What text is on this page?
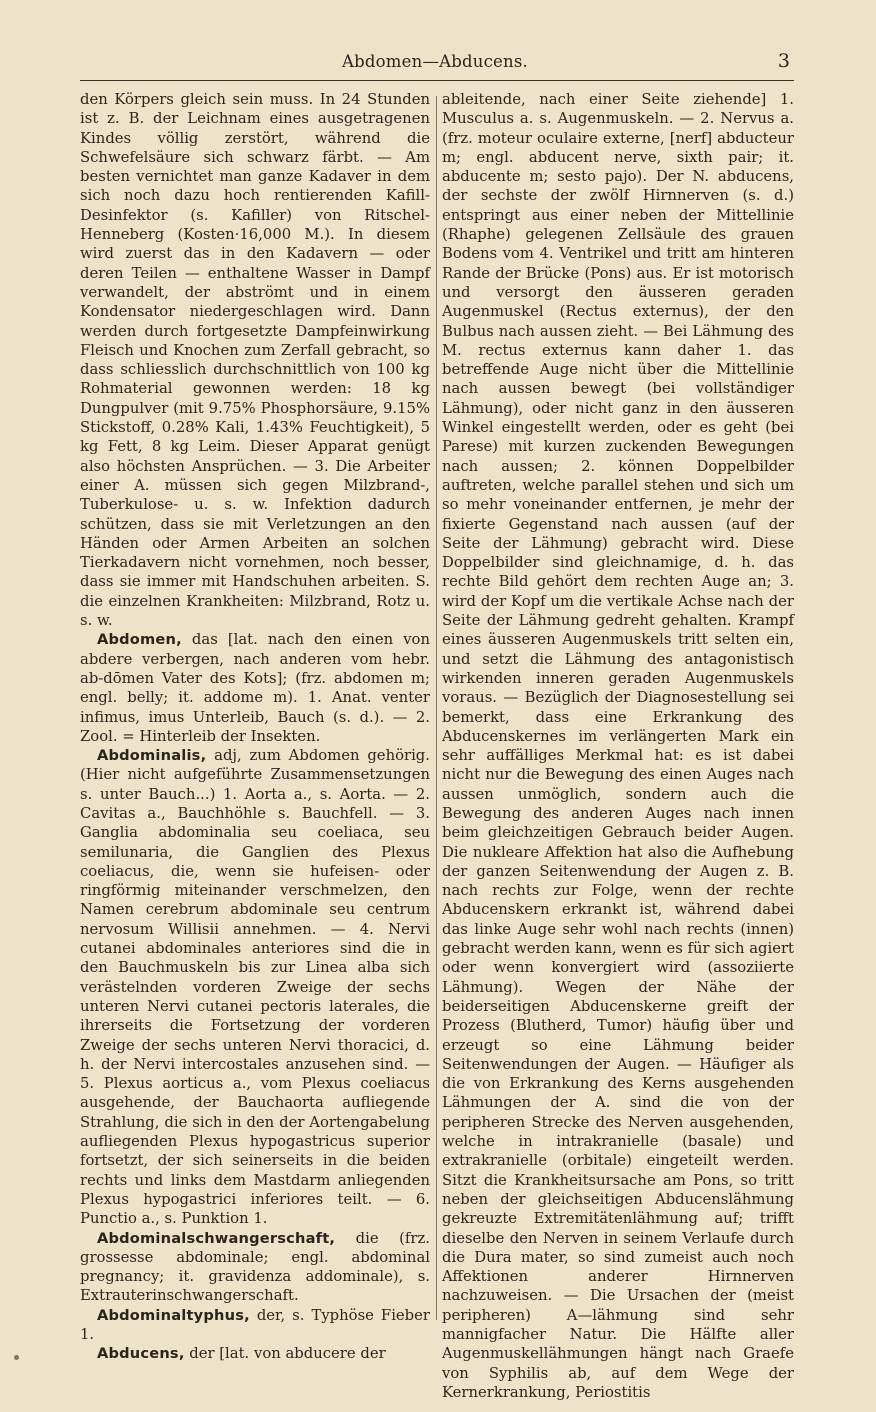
Abdomen—Abducens.	3

den Körpers gleich sein muss. In 24 Stunden ist z. B. der Leichnam eines ausgetragenen Kindes völlig zerstört, während die Schwefelsäure sich schwarz färbt. — Am besten vernichtet man ganze Kadaver in dem sich noch dazu hoch rentierenden Kafill-Desinfektor (s. Kafiller) von Ritschel-Henneberg (Kosten·16,000 M.). In diesem wird zuerst das in den Kadavern — oder deren Teilen — enthaltene Wasser in Dampf verwandelt, der abströmt und in einem Kondensator niedergeschlagen wird. Dann werden durch fortgesetzte Dampfeinwirkung Fleisch und Knochen zum Zerfall gebracht, so dass schliesslich durchschnittlich von 100 kg Rohmaterial gewonnen werden: 18 kg Dungpulver (mit 9.75% Phosphorsäure, 9.15% Stickstoff, 0.28% Kali, 1.43% Feuchtigkeit), 5 kg Fett, 8 kg Leim. Dieser Apparat genügt also höchsten Ansprüchen. — 3. Die Arbeiter einer A. müssen sich gegen Milzbrand-, Tuberkulose- u. s. w. Infektion dadurch schützen, dass sie mit Verletzungen an den Händen oder Armen Arbeiten an solchen Tierkadavern nicht vornehmen, noch besser, dass sie immer mit Handschuhen arbeiten. S. die einzelnen Krankheiten: Milzbrand, Rotz u. s. w.

Abdomen, das [lat. nach den einen von abdere verbergen, nach anderen vom hebr. ab-dōmen Vater des Kots]; (frz. abdomen m; engl. belly; it. addome m). 1. Anat. venter infimus, imus Unterleib, Bauch (s. d.). — 2. Zool. = Hinterleib der Insekten.

Abdominalis, adj, zum Abdomen gehörig. (Hier nicht aufgeführte Zusammensetzungen s. unter Bauch...) 1. Aorta a., s. Aorta. — 2. Cavitas a., Bauchhöhle s. Bauchfell. — 3. Ganglia abdominalia seu coeliaca, seu semilunaria, die Ganglien des Plexus coeliacus, die, wenn sie hufeisen- oder ringförmig miteinander verschmelzen, den Namen cerebrum abdominale seu centrum nervosum Willisii annehmen. — 4. Nervi cutanei abdominales anteriores sind die in den Bauchmuskeln bis zur Linea alba sich verästelnden vorderen Zweige der sechs unteren Nervi cutanei pectoris laterales, die ihrerseits die Fortsetzung der vorderen Zweige der sechs unteren Nervi thoracici, d. h. der Nervi intercostales anzusehen sind. — 5. Plexus aorticus a., vom Plexus coeliacus ausgehende, der Bauchaorta aufliegende Strahlung, die sich in den der Aortengabelung aufliegenden Plexus hypogastricus superior fortsetzt, der sich seinerseits in die beiden rechts und links dem Mastdarm anliegenden Plexus hypogastrici inferiores teilt. — 6. Punctio a., s. Punktion 1.

Abdominalschwangerschaft, die (frz. grossesse abdominale; engl. abdominal pregnancy; it. gravidenza addominale), s. Extrauterinschwangerschaft.

Abdominaltyphus, der, s. Typhöse Fieber 1.

Abducens, der [lat. von abducere der

ableitende, nach einer Seite ziehende] 1. Musculus a. s. Augenmuskeln. — 2. Nervus a. (frz. moteur oculaire externe, [nerf] abducteur m; engl. abducent nerve, sixth pair; it. abducente m; sesto pajo). Der N. abducens, der sechste der zwölf Hirnnerven (s. d.) entspringt aus einer neben der Mittellinie (Rhaphe) gelegenen Zellsäule des grauen Bodens vom 4. Ventrikel und tritt am hinteren Rande der Brücke (Pons) aus. Er ist motorisch und versorgt den äusseren geraden Augenmuskel (Rectus externus), der den Bulbus nach aussen zieht. — Bei Lähmung des M. rectus externus kann daher 1. das betreffende Auge nicht über die Mittellinie nach aussen bewegt (bei vollständiger Lähmung), oder nicht ganz in den äusseren Winkel eingestellt werden, oder es geht (bei Parese) mit kurzen zuckenden Bewegungen nach aussen; 2. können Doppelbilder auftreten, welche parallel stehen und sich um so mehr voneinander entfernen, je mehr der fixierte Gegenstand nach aussen (auf der Seite der Lähmung) gebracht wird. Diese Doppelbilder sind gleichnamige, d. h. das rechte Bild gehört dem rechten Auge an; 3. wird der Kopf um die vertikale Achse nach der Seite der Lähmung gedreht gehalten. Krampf eines äusseren Augenmuskels tritt selten ein, und setzt die Lähmung des antagonistisch wirkenden inneren geraden Augenmuskels voraus. — Bezüglich der Diagnosestellung sei bemerkt, dass eine Erkrankung des Abducenskernes im verlängerten Mark ein sehr auffälliges Merkmal hat: es ist dabei nicht nur die Bewegung des einen Auges nach aussen unmöglich, sondern auch die Bewegung des anderen Auges nach innen beim gleichzeitigen Gebrauch beider Augen. Die nukleare Affektion hat also die Aufhebung der ganzen Seitenwendung der Augen z. B. nach rechts zur Folge, wenn der rechte Abducenskern erkrankt ist, während dabei das linke Auge sehr wohl nach rechts (innen) gebracht werden kann, wenn es für sich agiert oder wenn konvergiert wird (assoziierte Lähmung). Wegen der Nähe der beiderseitigen Abducenskerne greift der Prozess (Blutherd, Tumor) häufig über und erzeugt so eine Lähmung beider Seitenwendungen der Augen. — Häufiger als die von Erkrankung des Kerns ausgehenden Lähmungen der A. sind die von der peripheren Strecke des Nerven ausgehenden, welche in intrakranielle (basale) und extrakranielle (orbitale) eingeteilt werden. Sitzt die Krankheitsursache am Pons, so tritt neben der gleichseitigen Abducenslähmung gekreuzte Extremitätenlähmung auf; trifft dieselbe den Nerven in seinem Verlaufe durch die Dura mater, so sind zumeist auch noch Affektionen anderer Hirnnerven nachzuweisen. — Die Ursachen der (meist peripheren) A—lähmung sind sehr mannigfacher Natur. Die Hälfte aller Augenmuskellähmungen hängt nach Graefe von Syphilis ab, auf dem Wege der Kernerkrankung, Periostitis
